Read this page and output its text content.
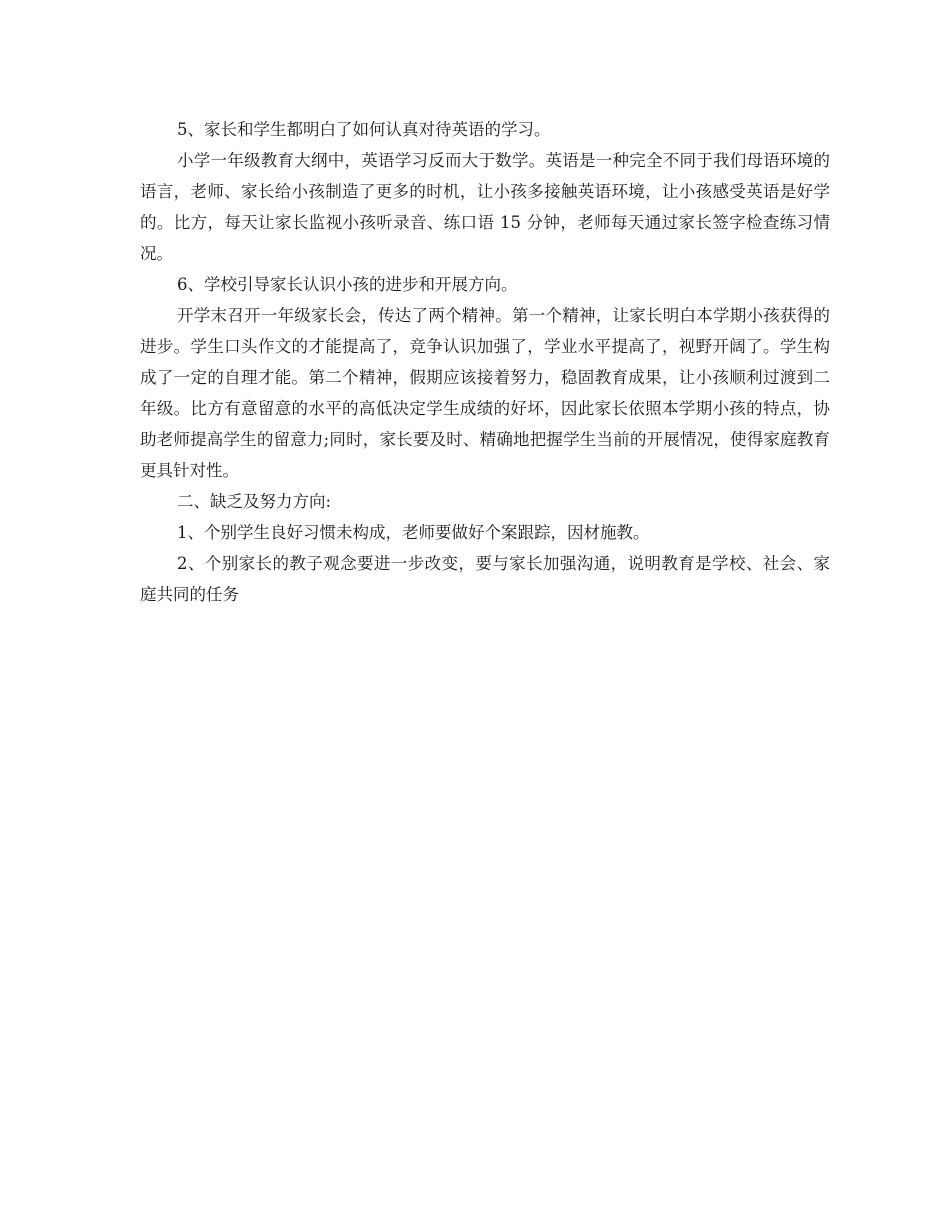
5、家长和学生都明白了如何认真对待英语的学习。

小学一年级教育大纲中，英语学习反而大于数学。英语是一种完全不同于我们母语环境的语言，老师、家长给小孩制造了更多的时机，让小孩多接触英语环境，让小孩感受英语是好学的。比方，每天让家长监视小孩听录音、练口语 15 分钟，老师每天通过家长签字检查练习情况。

6、学校引导家长认识小孩的进步和开展方向。

开学末召开一年级家长会，传达了两个精神。第一个精神，让家长明白本学期小孩获得的进步。学生口头作文的才能提高了，竞争认识加强了，学业水平提高了，视野开阔了。学生构成了一定的自理才能。第二个精神，假期应该接着努力，稳固教育成果，让小孩顺利过渡到二年级。比方有意留意的水平的高低决定学生成绩的好坏，因此家长依照本学期小孩的特点，协助老师提高学生的留意力;同时，家长要及时、精确地把握学生当前的开展情况，使得家庭教育更具针对性。

二、缺乏及努力方向:

1、个别学生良好习惯未构成，老师要做好个案跟踪，因材施教。

2、个别家长的教子观念要进一步改变，要与家长加强沟通，说明教育是学校、社会、家庭共同的任务
